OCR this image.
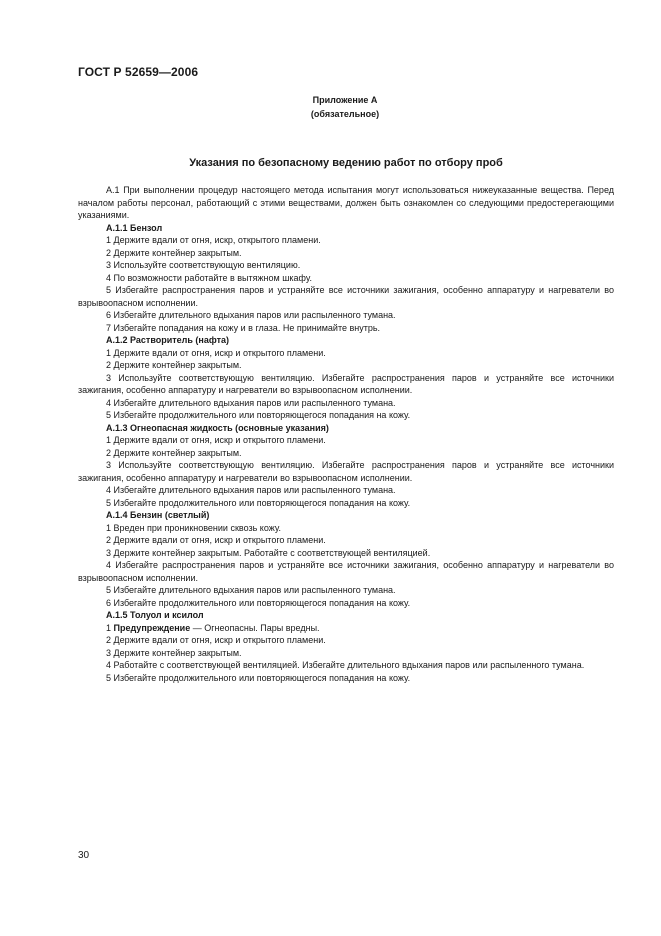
ГОСТ Р 52659—2006
Приложение А
(обязательное)
Указания по безопасному ведению работ по отбору проб

А.1 При выполнении процедур настоящего метода испытания могут использоваться нижеуказанные вещества. Перед началом работы персонал, работающий с этими веществами, должен быть ознакомлен со следующими предостерегающими указаниями.

А.1.1 Бензол

1 Держите вдали от огня, искр, открытого пламени.

2 Держите контейнер закрытым.

3 Используйте соответствующую вентиляцию.

4 По возможности работайте в вытяжном шкафу.

5 Избегайте распространения паров и устраняйте все источники зажигания, особенно аппаратуру и нагреватели во взрывоопасном исполнении.

6 Избегайте длительного вдыхания паров или распыленного тумана.

7 Избегайте попадания на кожу и в глаза. Не принимайте внутрь.

А.1.2 Растворитель (нафта)

1 Держите вдали от огня, искр и открытого пламени.

2 Держите контейнер закрытым.

3 Используйте соответствующую вентиляцию. Избегайте распространения паров и устраняйте все источники зажигания, особенно аппаратуру и нагреватели во взрывоопасном исполнении.

4 Избегайте длительного вдыхания паров или распыленного тумана.

5 Избегайте продолжительного или повторяющегося попадания на кожу.

А.1.3 Огнеопасная жидкость (основные указания)

1 Держите вдали от огня, искр и открытого пламени.

2 Держите контейнер закрытым.

3 Используйте соответствующую вентиляцию. Избегайте распространения паров и устраняйте все источники зажигания, особенно аппаратуру и нагреватели во взрывоопасном исполнении.

4 Избегайте длительного вдыхания паров или распыленного тумана.

5 Избегайте продолжительного или повторяющегося попадания на кожу.

А.1.4 Бензин (светлый)

1 Вреден при проникновении сквозь кожу.

2 Держите вдали от огня, искр и открытого пламени.

3 Держите контейнер закрытым. Работайте с соответствующей вентиляцией.

4 Избегайте распространения паров и устраняйте все источники зажигания, особенно аппаратуру и нагреватели во взрывоопасном исполнении.

5 Избегайте длительного вдыхания паров или распыленного тумана.

6 Избегайте продолжительного или повторяющегося попадания на кожу.

А.1.5 Толуол и ксилол

1 Предупреждение — Огнеопасны. Пары вредны.

2 Держите вдали от огня, искр и открытого пламени.

3 Держите контейнер закрытым.

4 Работайте с соответствующей вентиляцией. Избегайте длительного вдыхания паров или распыленного тумана.

5 Избегайте продолжительного или повторяющегося попадания на кожу.

30
